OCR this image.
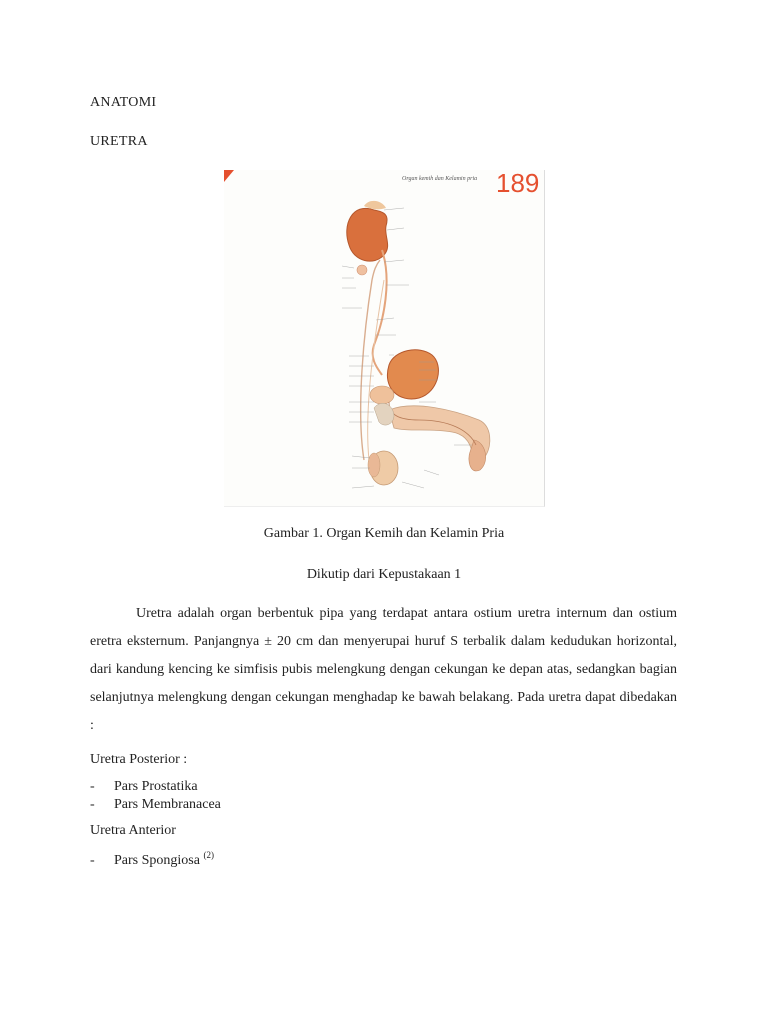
ANATOMI
URETRA
Organ kemih dan Kelamin pria 189

Gambar 1. Organ Kemih dan Kelamin Pria

Dikutip dari Kepustakaan 1

Uretra adalah organ berbentuk pipa yang terdapat antara ostium uretra internum dan ostium eretra eksternum. Panjangnya ± 20 cm dan menyerupai huruf S terbalik dalam kedudukan horizontal, dari kandung kencing ke simfisis pubis melengkung dengan cekungan ke depan atas, sedangkan bagian selanjutnya melengkung dengan cekungan menghadap ke bawah belakang. Pada uretra dapat dibedakan :

Uretra Posterior :

- Pars Prostatika

- Pars Membranacea

Uretra Anterior

- Pars Spongiosa $^{(2)}$
